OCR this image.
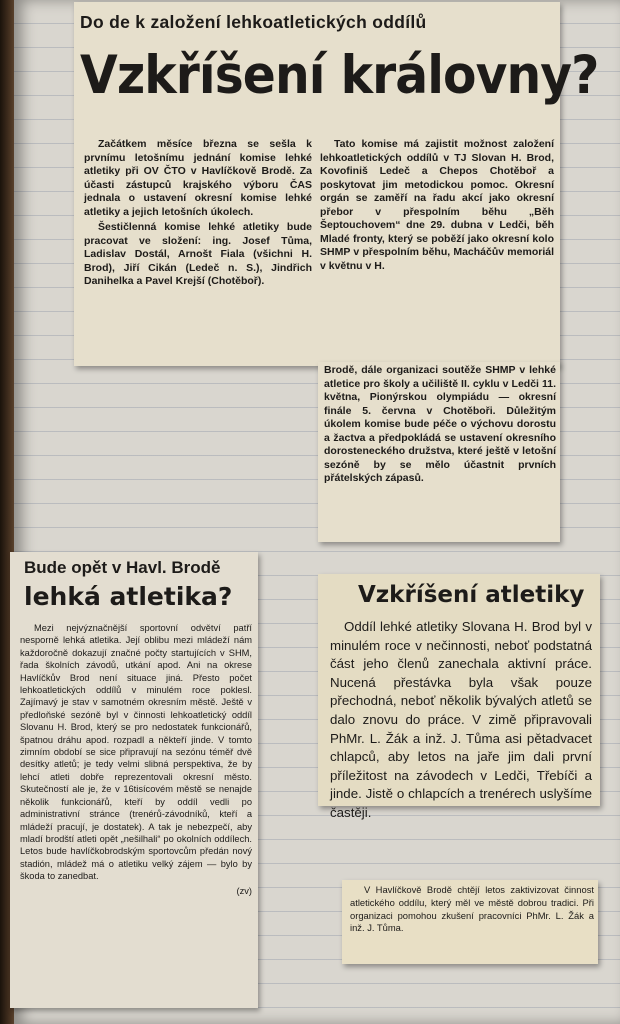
Do de k založení lehkoatletických oddílů
Vzkříšení královny?

Začátkem měsíce března se sešla k prvnímu letošnímu jednání komise lehké atletiky při OV ČTO v Havlíčkově Brodě. Za účasti zástupců krajského výboru ČAS jednala o ustavení okresní komise lehké atletiky a jejich letošních úkolech.

Šestičlenná komise lehké atletiky bude pracovat ve složení: ing. Josef Tůma, Ladislav Dostál, Arnošt Fiala (všichni H. Brod), Jiří Cikán (Ledeč n. S.), Jindřich Danihelka a Pavel Krejší (Chotěboř).

Tato komise má zajistit možnost založení lehkoatletických oddílů v TJ Slovan H. Brod, Kovofiniš Ledeč a Chepos Chotěboř a poskytovat jim metodickou pomoc. Okresní orgán se zaměří na řadu akcí jako okresní přebor v přespolním běhu „Běh Šeptouchovem“ dne 29. dubna v Ledči, běh Mladé fronty, který se poběží jako okresní kolo SHMP v přespolním běhu, Macháčův memoriál v květnu v H.

Brodě, dále organizaci soutěže SHMP v lehké atletice pro školy a učiliště II. cyklu v Ledči 11. května, Pionýrskou olympiádu — okresní finále 5. června v Chotěboři. Důležitým úkolem komise bude péče o výchovu dorostu a žactva a předpokládá se ustavení okresního dorosteneckého družstva, které ještě v letošní sezóně by se mělo účastnit prvních přátelských zápasů.

Bude opět v Havl. Brodě
lehká atletika?

Mezi nejvýznačnější sportovní odvětví patří nesporně lehká atletika. Její oblibu mezi mládeží nám každoročně dokazují značné počty startujících v SHM, řada školních závodů, utkání apod. Ani na okrese Havlíčkův Brod není situace jiná. Přesto počet lehkoatletických oddílů v minulém roce poklesl. Zajímavý je stav v samotném okresním městě. Ještě v předloňské sezóně byl v činnosti lehkoatletický oddíl Slovanu H. Brod, který se pro nedostatek funkcionářů, špatnou dráhu apod. rozpadl a někteří jinde. V tomto zimním období se sice připravují na sezónu téměř dvě desítky atletů; je tedy velmi slibná perspektiva, že by lehcí atleti dobře reprezentovali okresní město. Skutečností ale je, že v 16tisícovém městě se nenajde několik funkcionářů, kteří by oddíl vedli po administrativní stránce (trenérů-závodníků, kteří a mládeží pracují, je dostatek). A tak je nebezpečí, aby mladí brodští atleti opět „nešilhali“ po okolních oddílech. Letos bude havlíčkobrodským sportovcům předán nový stadión, mládež má o atletiku velký zájem — bylo by škoda to zanedbat.

(zv)
Vzkříšení atletiky

Oddíl lehké atletiky Slovana H. Brod byl v minulém roce v nečinnosti, neboť podstatná část jeho členů zanechala aktivní práce. Nucená přestávka byla však pouze přechodná, neboť několik bývalých atletů se dalo znovu do práce. V zimě připravovali PhMr. L. Žák a inž. J. Tůma asi pětadvacet chlapců, aby letos na jaře jim dali první příležitost na závodech v Ledči, Třebíči a jinde. Jistě o chlapcích a trenérech uslyšíme častěji.

V Havlíčkově Brodě chtějí letos zaktivizovat činnost atletického oddílu, který měl ve městě dobrou tradici. Při organizaci pomohou zkušení pracovníci PhMr. L. Žák a inž. J. Tůma.
